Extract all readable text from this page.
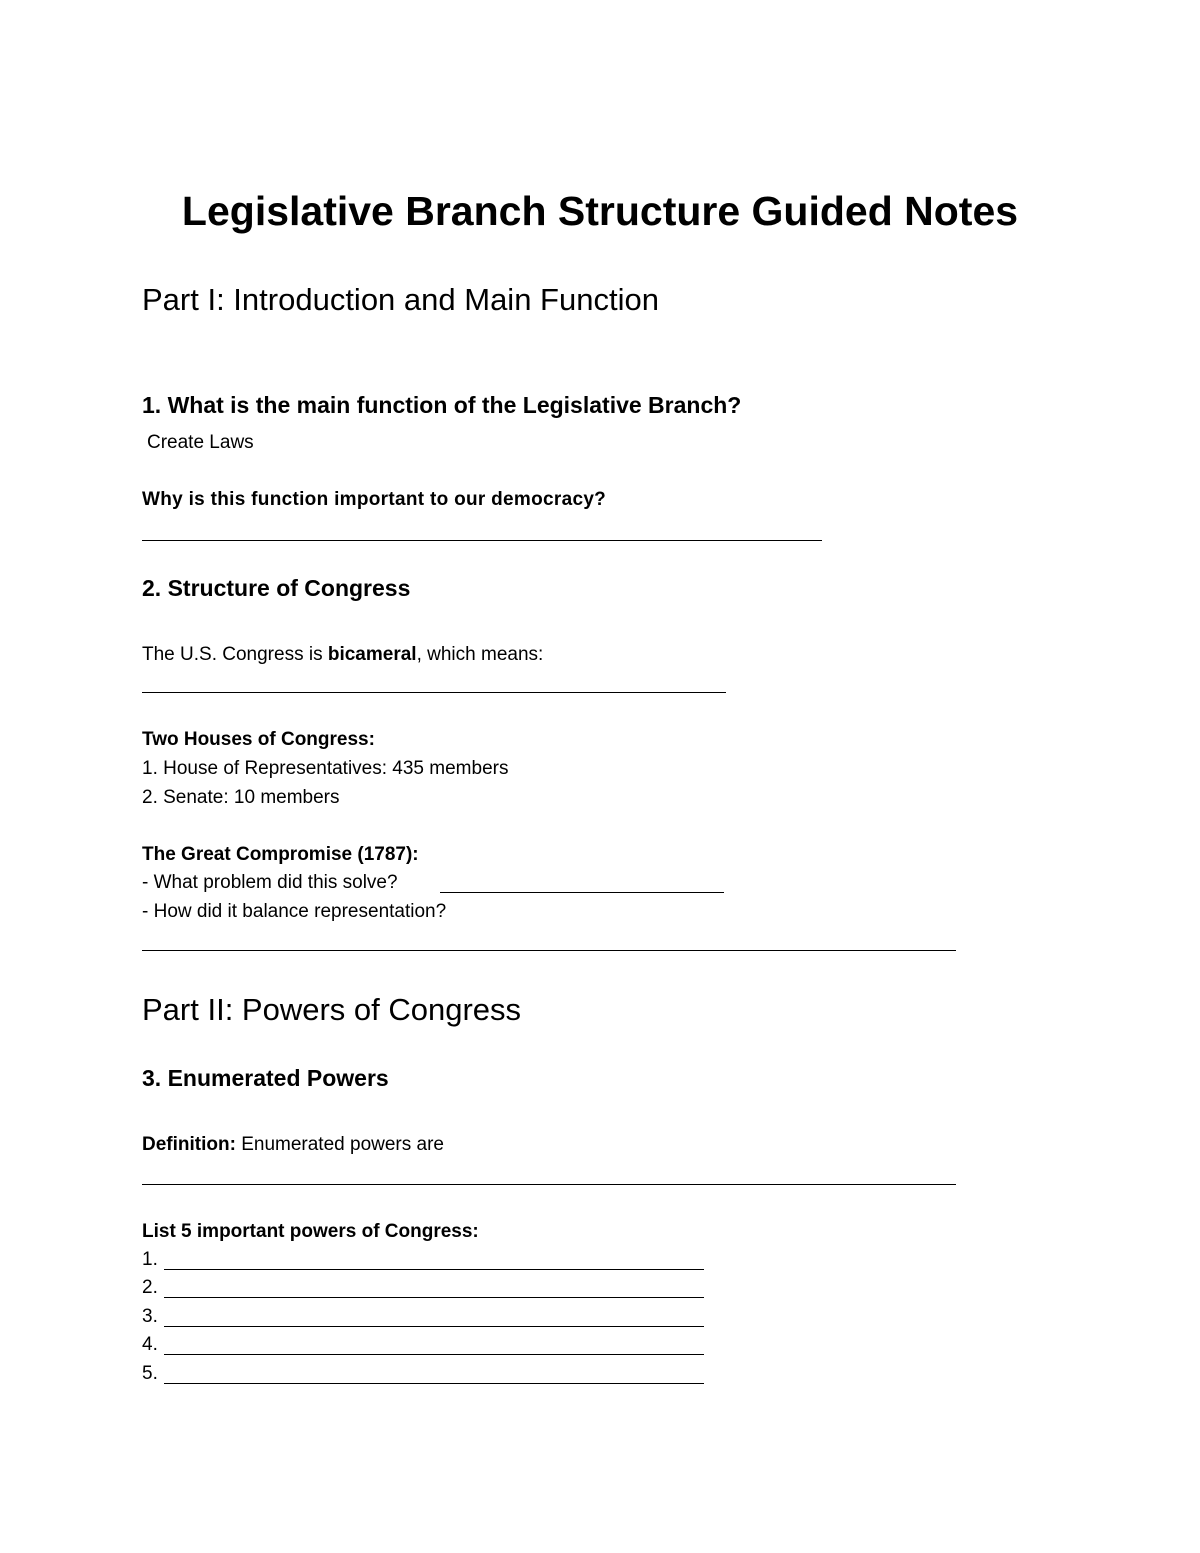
Legislative Branch Structure Guided Notes
Part I: Introduction and Main Function
1. What is the main function of the Legislative Branch?
Create Laws
Why is this function important to our democracy?
2. Structure of Congress
The U.S. Congress is bicameral, which means:
Two Houses of Congress:
1. House of Representatives: 435 members
2. Senate: 10 members
The Great Compromise (1787):
- What problem did this solve?
- How did it balance representation?
Part II: Powers of Congress
3. Enumerated Powers
Definition: Enumerated powers are
List 5 important powers of Congress:
1.
2.
3.
4.
5.
